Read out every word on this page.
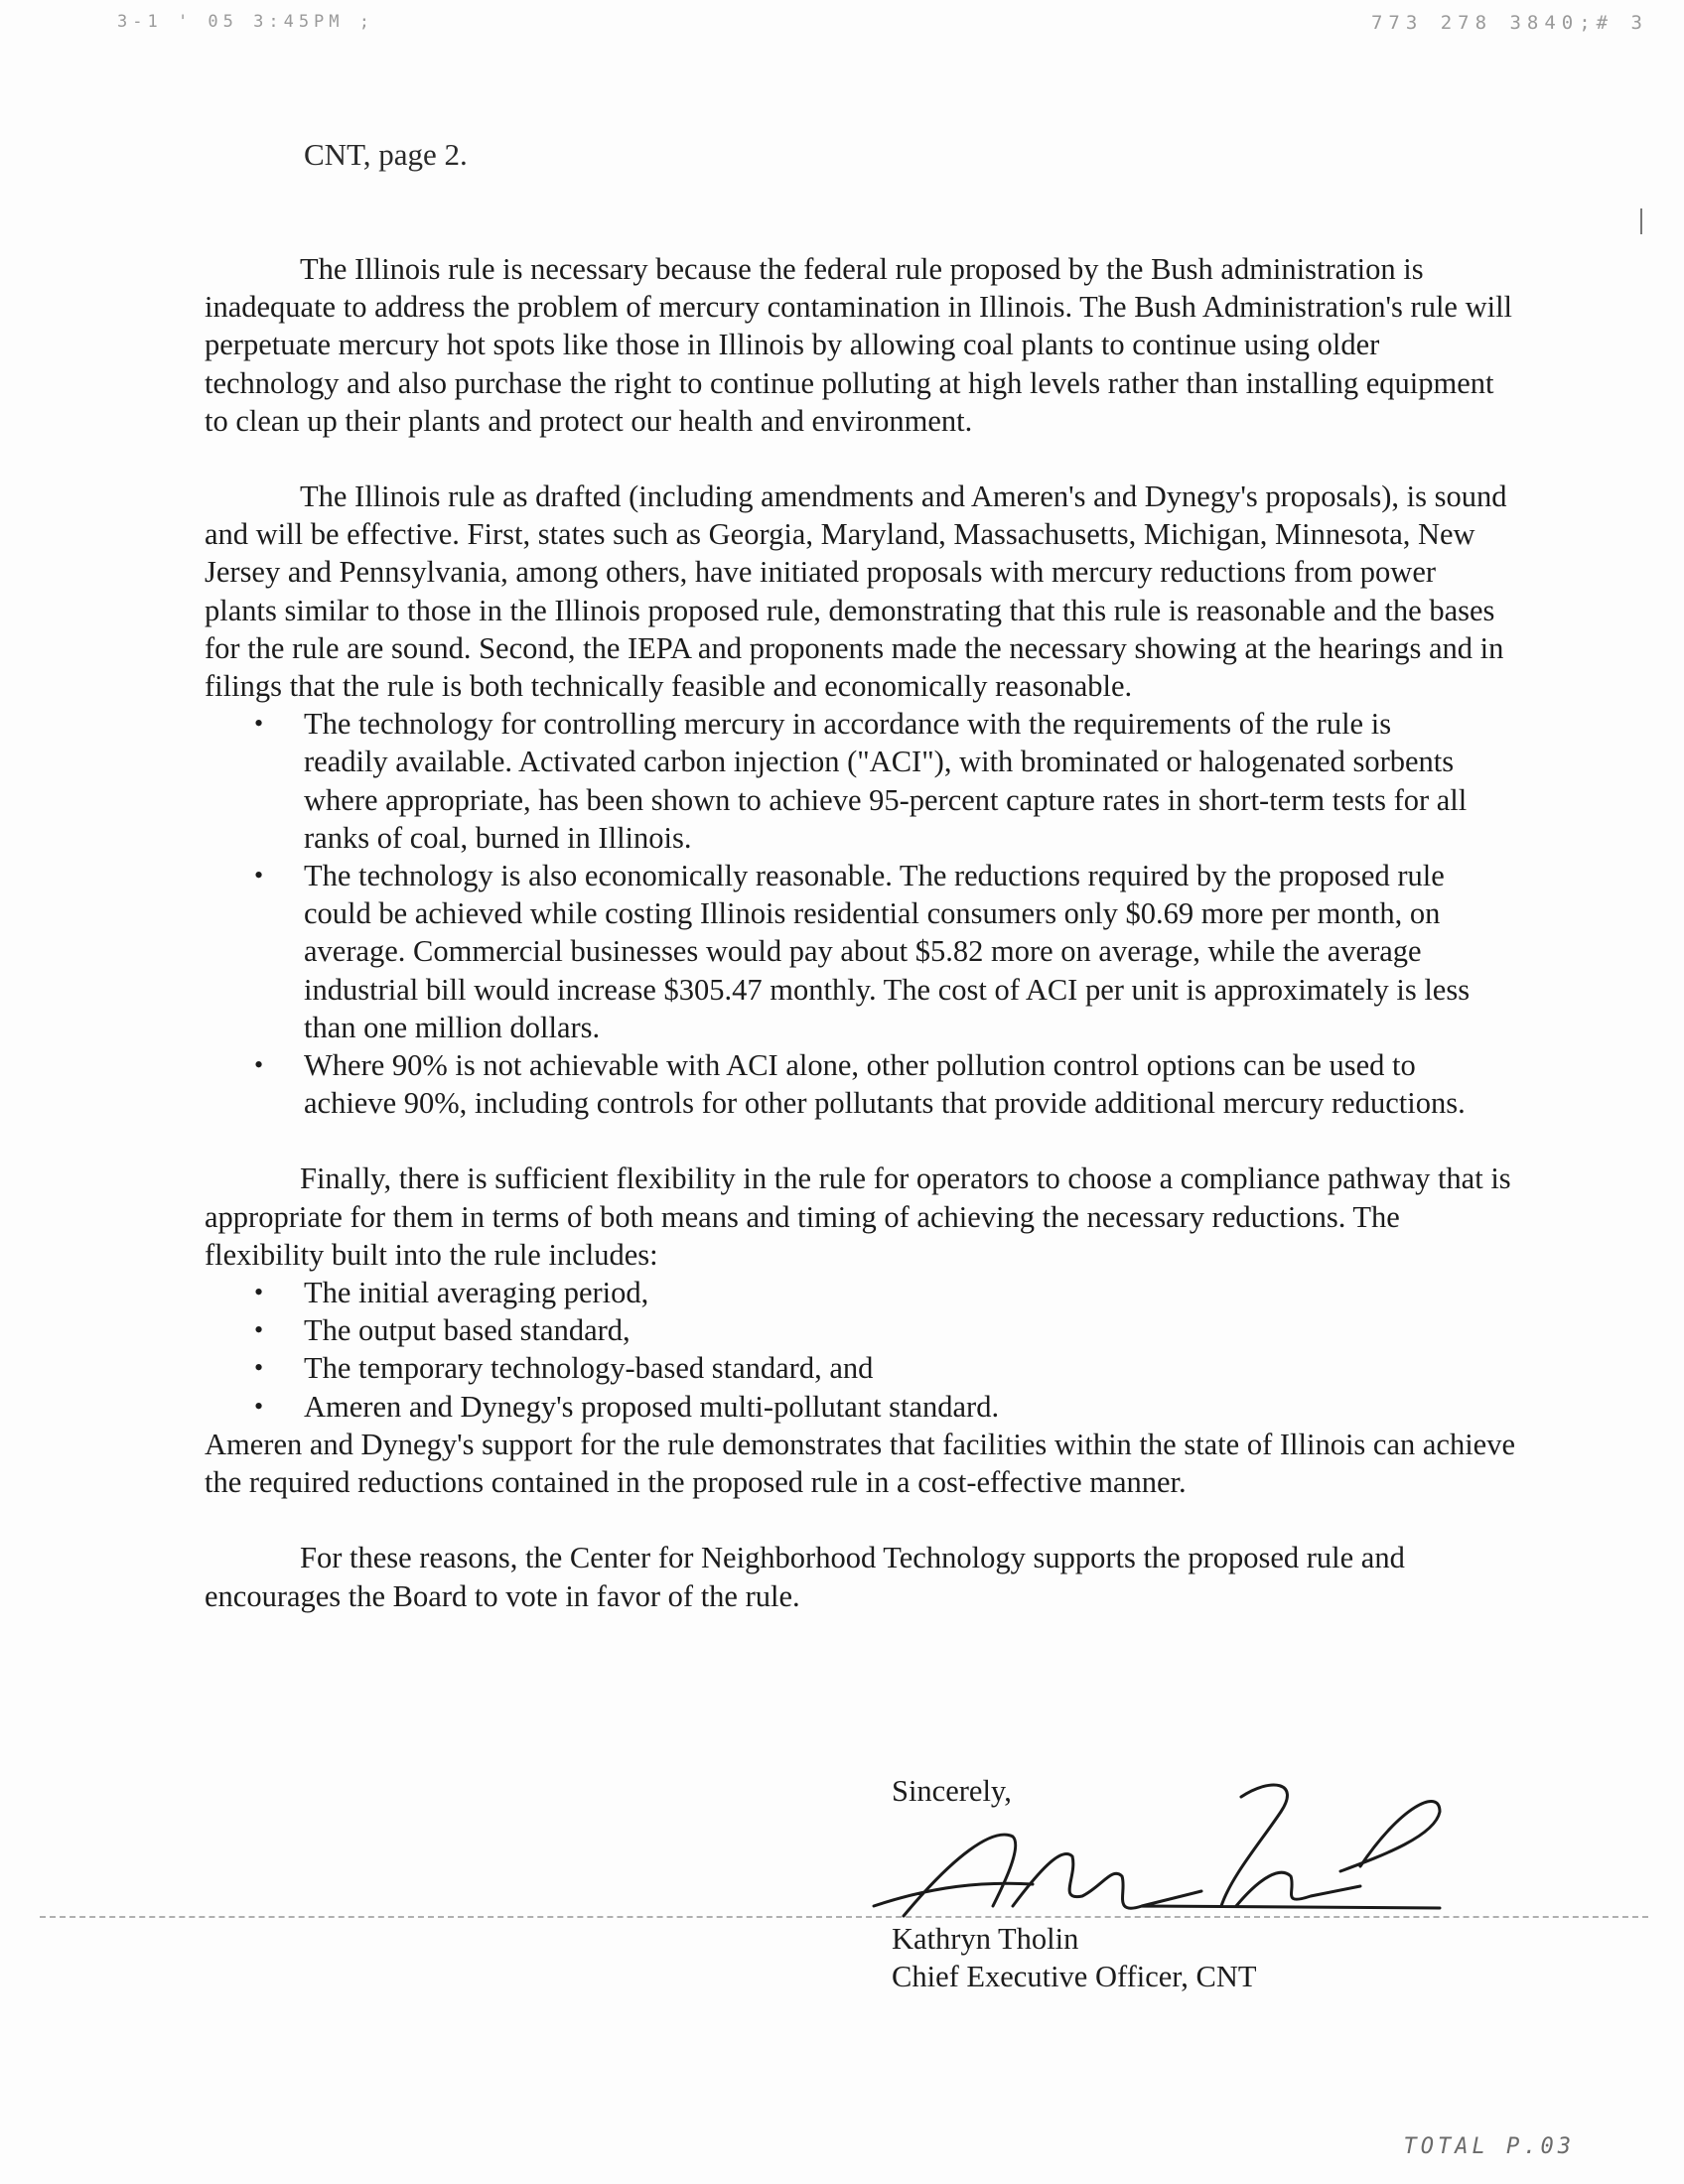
3-1 ' 05 3:45PM ;	773 278 3840;# 3
CNT, page 2.

The Illinois rule is necessary because the federal rule proposed by the Bush administration is inadequate to address the problem of mercury contamination in Illinois. The Bush Administration's rule will perpetuate mercury hot spots like those in Illinois by allowing coal plants to continue using older technology and also purchase the right to continue polluting at high levels rather than installing equipment to clean up their plants and protect our health and environment.

The Illinois rule as drafted (including amendments and Ameren's and Dynegy's proposals), is sound and will be effective. First, states such as Georgia, Maryland, Massachusetts, Michigan, Minnesota, New Jersey and Pennsylvania, among others, have initiated proposals with mercury reductions from power plants similar to those in the Illinois proposed rule, demonstrating that this rule is reasonable and the bases for the rule are sound. Second, the IEPA and proponents made the necessary showing at the hearings and in filings that the rule is both technically feasible and economically reasonable.

• The technology for controlling mercury in accordance with the requirements of the rule is readily available. Activated carbon injection ("ACI"), with brominated or halogenated sorbents where appropriate, has been shown to achieve 95-percent capture rates in short-term tests for all ranks of coal, burned in Illinois.
• The technology is also economically reasonable. The reductions required by the proposed rule could be achieved while costing Illinois residential consumers only $0.69 more per month, on average. Commercial businesses would pay about $5.82 more on average, while the average industrial bill would increase $305.47 monthly. The cost of ACI per unit is approximately is less than one million dollars.
• Where 90% is not achievable with ACI alone, other pollution control options can be used to achieve 90%, including controls for other pollutants that provide additional mercury reductions.

Finally, there is sufficient flexibility in the rule for operators to choose a compliance pathway that is appropriate for them in terms of both means and timing of achieving the necessary reductions. The flexibility built into the rule includes:

• The initial averaging period,
• The output based standard,
• The temporary technology-based standard, and
• Ameren and Dynegy's proposed multi-pollutant standard.

Ameren and Dynegy's support for the rule demonstrates that facilities within the state of Illinois can achieve the required reductions contained in the proposed rule in a cost-effective manner.

For these reasons, the Center for Neighborhood Technology supports the proposed rule and encourages the Board to vote in favor of the rule.

Sincerely,
Kathryn Tholin
Chief Executive Officer, CNT
TOTAL P.03
